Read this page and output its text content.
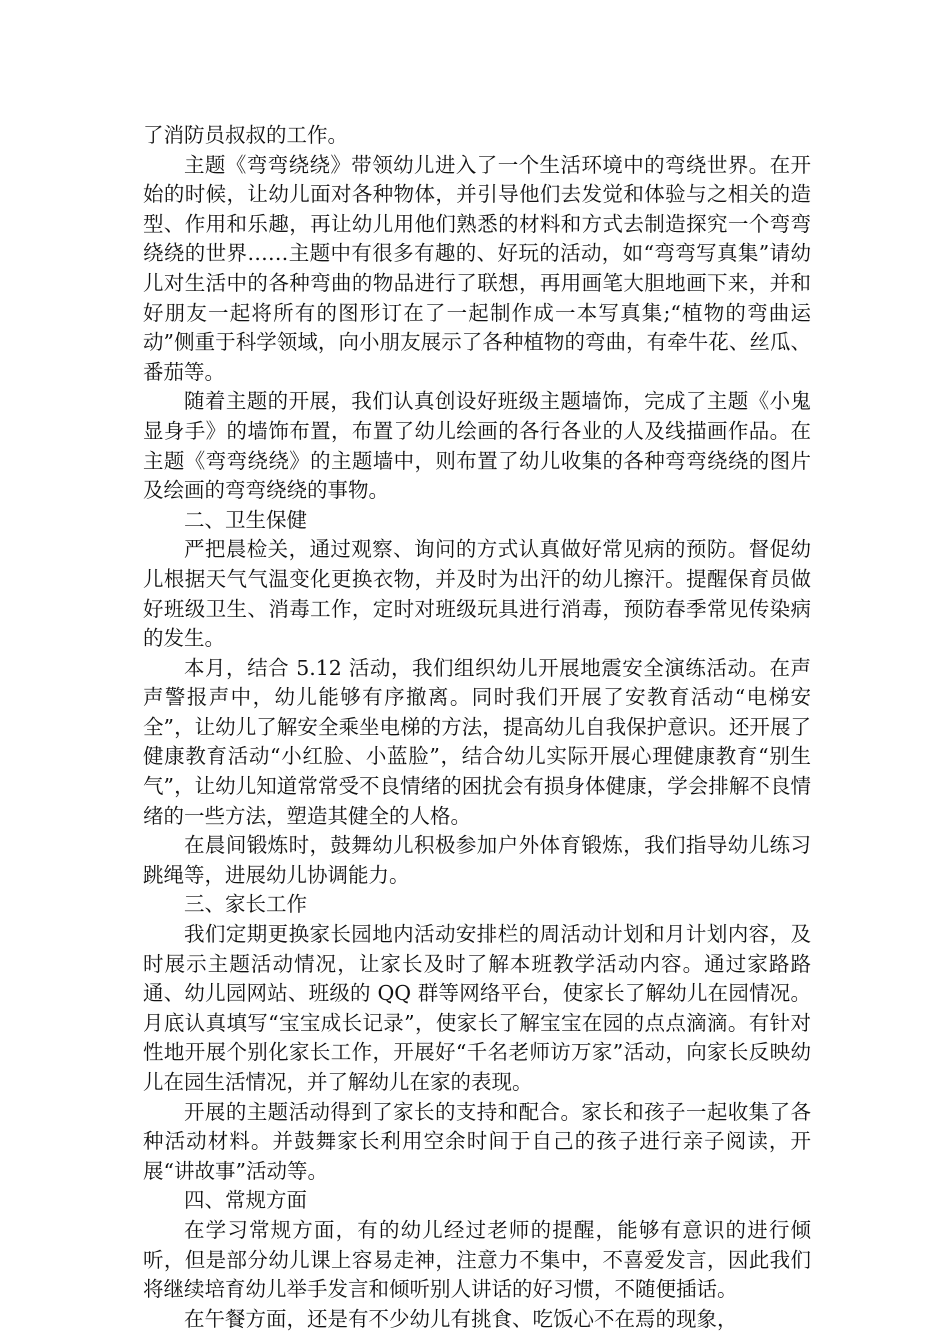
了消防员叔叔的工作。

主题《弯弯绕绕》带领幼儿进入了一个生活环境中的弯绕世界。在开始的时候，让幼儿面对各种物体，并引导他们去发觉和体验与之相关的造型、作用和乐趣，再让幼儿用他们熟悉的材料和方式去制造探究一个弯弯绕绕的世界……主题中有很多有趣的、好玩的活动，如“弯弯写真集”请幼儿对生活中的各种弯曲的物品进行了联想，再用画笔大胆地画下来，并和好朋友一起将所有的图形订在了一起制作成一本写真集;“植物的弯曲运动”侧重于科学领域，向小朋友展示了各种植物的弯曲，有牵牛花、丝瓜、番茄等。

随着主题的开展，我们认真创设好班级主题墙饰，完成了主题《小鬼显身手》的墙饰布置，布置了幼儿绘画的各行各业的人及线描画作品。在主题《弯弯绕绕》的主题墙中，则布置了幼儿收集的各种弯弯绕绕的图片及绘画的弯弯绕绕的事物。

二、卫生保健

严把晨检关，通过观察、询问的方式认真做好常见病的预防。督促幼儿根据天气气温变化更换衣物，并及时为出汗的幼儿擦汗。提醒保育员做好班级卫生、消毒工作，定时对班级玩具进行消毒，预防春季常见传染病的发生。

本月，结合 5.12 活动，我们组织幼儿开展地震安全演练活动。在声声警报声中，幼儿能够有序撤离。同时我们开展了安教育活动“电梯安全”，让幼儿了解安全乘坐电梯的方法，提高幼儿自我保护意识。还开展了健康教育活动“小红脸、小蓝脸”，结合幼儿实际开展心理健康教育“别生气”，让幼儿知道常常受不良情绪的困扰会有损身体健康，学会排解不良情绪的一些方法，塑造其健全的人格。

在晨间锻炼时，鼓舞幼儿积极参加户外体育锻炼，我们指导幼儿练习跳绳等，进展幼儿协调能力。

三、家长工作

我们定期更换家长园地内活动安排栏的周活动计划和月计划内容，及时展示主题活动情况，让家长及时了解本班教学活动内容。通过家路路通、幼儿园网站、班级的 QQ 群等网络平台，使家长了解幼儿在园情况。月底认真填写“宝宝成长记录”，使家长了解宝宝在园的点点滴滴。有针对性地开展个别化家长工作，开展好“千名老师访万家”活动，向家长反映幼儿在园生活情况，并了解幼儿在家的表现。

开展的主题活动得到了家长的支持和配合。家长和孩子一起收集了各种活动材料。并鼓舞家长利用空余时间于自己的孩子进行亲子阅读，开展“讲故事”活动等。

四、常规方面

在学习常规方面，有的幼儿经过老师的提醒，能够有意识的进行倾听，但是部分幼儿课上容易走神，注意力不集中，不喜爱发言，因此我们将继续培育幼儿举手发言和倾听别人讲话的好习惯，不随便插话。

在午餐方面，还是有不少幼儿有挑食、吃饭心不在焉的现象，
